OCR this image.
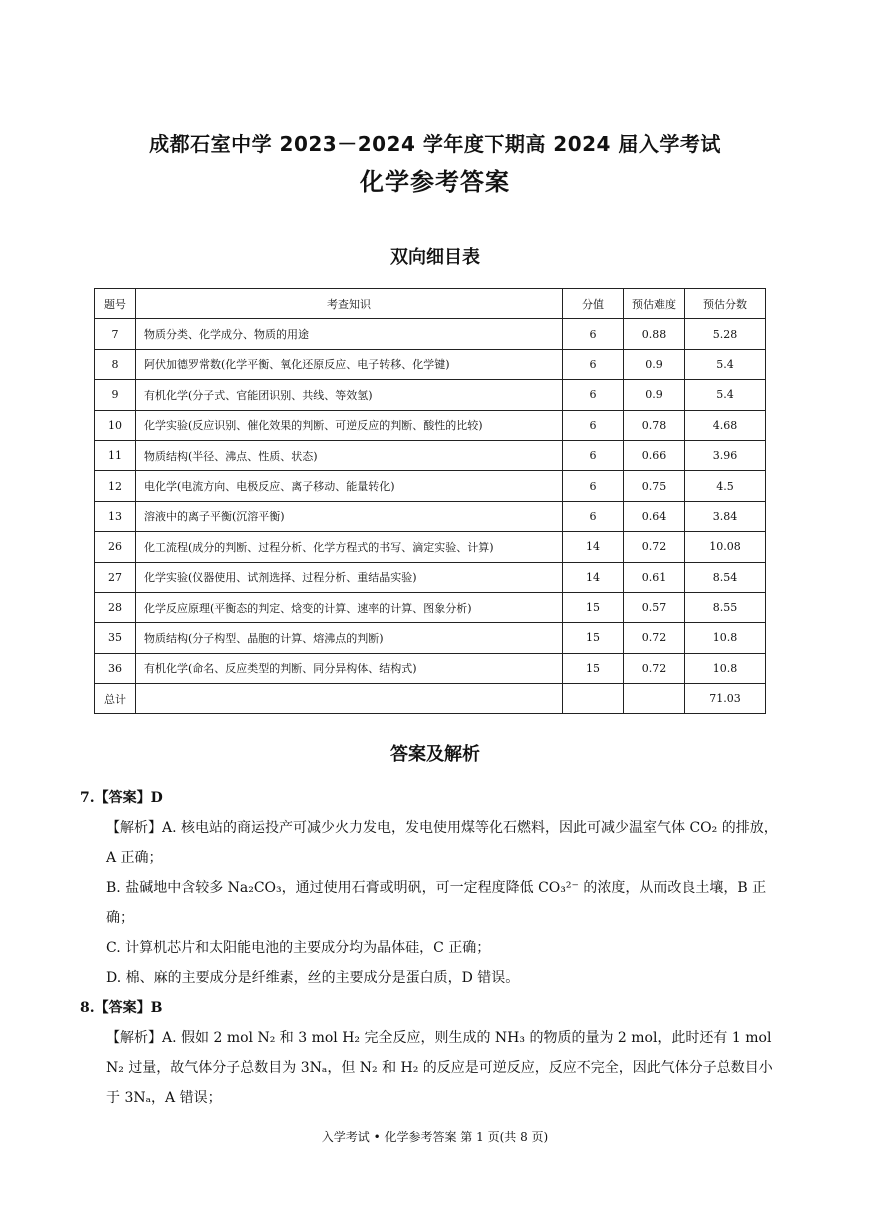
成都石室中学 2023－2024 学年度下期高 2024 届入学考试
化学参考答案
双向细目表
题号	考查知识	分值	预估难度	预估分数
7	物质分类、化学成分、物质的用途	6	0.88	5.28
8	阿伏加德罗常数(化学平衡、氧化还原反应、电子转移、化学键)	6	0.9	5.4
9	有机化学(分子式、官能团识别、共线、等效氢)	6	0.9	5.4
10	化学实验(反应识别、催化效果的判断、可逆反应的判断、酸性的比较)	6	0.78	4.68
11	物质结构(半径、沸点、性质、状态)	6	0.66	3.96
12	电化学(电流方向、电极反应、离子移动、能量转化)	6	0.75	4.5
13	溶液中的离子平衡(沉溶平衡)	6	0.64	3.84
26	化工流程(成分的判断、过程分析、化学方程式的书写、滴定实验、计算)	14	0.72	10.08
27	化学实验(仪器使用、试剂选择、过程分析、重结晶实验)	14	0.61	8.54
28	化学反应原理(平衡态的判定、焓变的计算、速率的计算、图象分析)	15	0.57	8.55
35	物质结构(分子构型、晶胞的计算、熔沸点的判断)	15	0.72	10.8
36	有机化学(命名、反应类型的判断、同分异构体、结构式)	15	0.72	10.8
总计				71.03
答案及解析

7.【答案】D

【解析】A. 核电站的商运投产可减少火力发电，发电使用煤等化石燃料，因此可减少温室气体 CO₂ 的排放，A 正确；

B. 盐碱地中含较多 Na₂CO₃，通过使用石膏或明矾，可一定程度降低 CO₃²⁻ 的浓度，从而改良土壤，B 正确；

C. 计算机芯片和太阳能电池的主要成分均为晶体硅，C 正确；

D. 棉、麻的主要成分是纤维素，丝的主要成分是蛋白质，D 错误。

8.【答案】B

【解析】A. 假如 2 mol N₂ 和 3 mol H₂ 完全反应，则生成的 NH₃ 的物质的量为 2 mol，此时还有 1 mol N₂ 过量，故气体分子总数目为 3Nₐ，但 N₂ 和 H₂ 的反应是可逆反应，反应不完全，因此气体分子总数目小于 3Nₐ，A 错误；

入学考试 • 化学参考答案 第 1 页(共 8 页)
